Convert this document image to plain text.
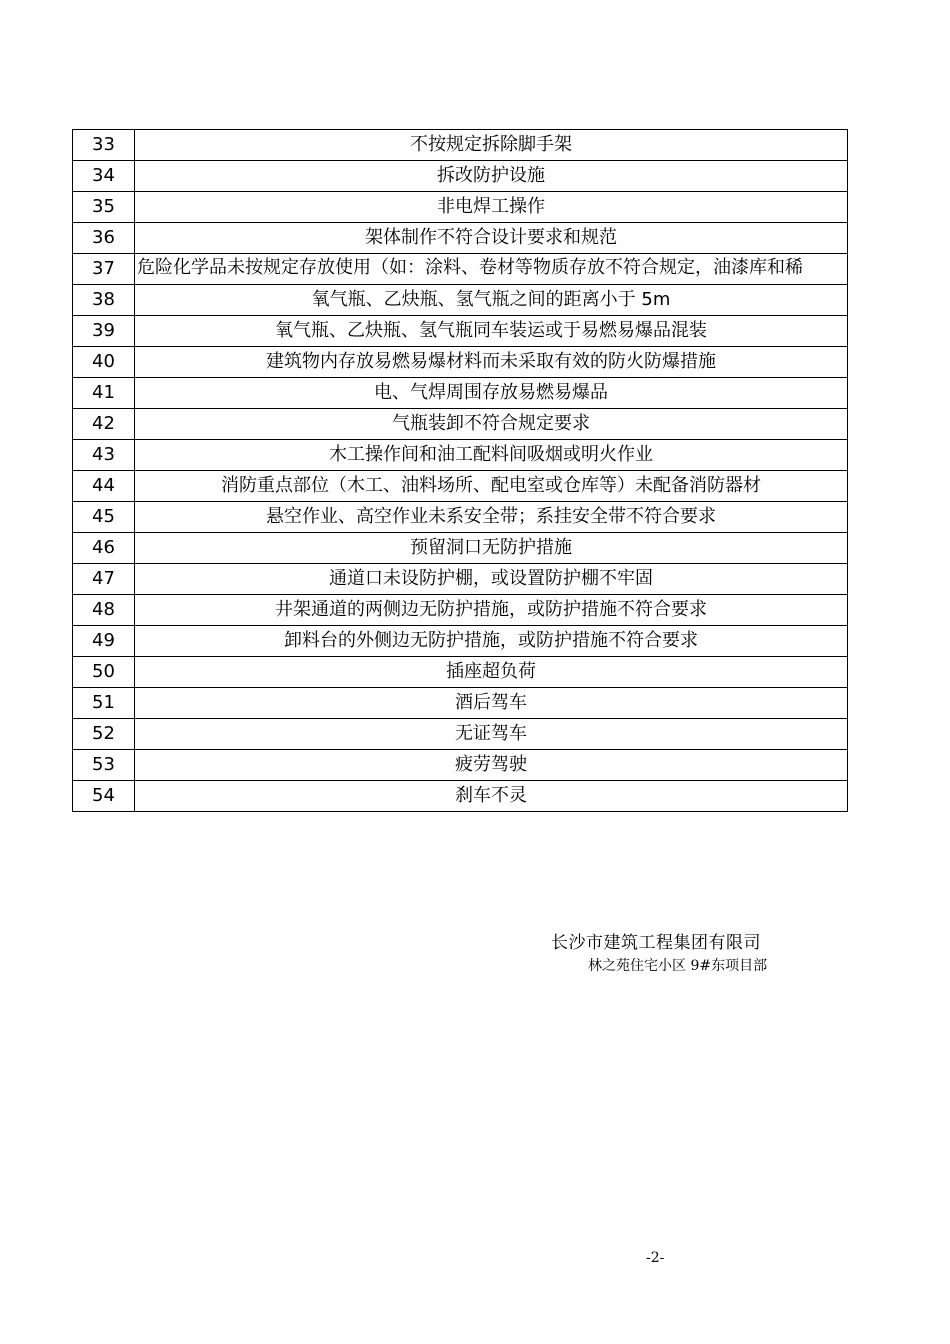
33	不按规定拆除脚手架
34	拆改防护设施
35	非电焊工操作
36	架体制作不符合设计要求和规范
37	危险化学品未按规定存放使用（如：涂料、卷材等物质存放不符合规定，油漆库和稀

38	氧气瓶、乙炔瓶、氢气瓶之间的距离小于 5m
39	氧气瓶、乙炔瓶、氢气瓶同车装运或于易燃易爆品混装
40	建筑物内存放易燃易爆材料而未采取有效的防火防爆措施
41	电、气焊周围存放易燃易爆品
42	气瓶装卸不符合规定要求
43	木工操作间和油工配料间吸烟或明火作业
44	消防重点部位（木工、油料场所、配电室或仓库等）未配备消防器材
45	悬空作业、高空作业未系安全带；系挂安全带不符合要求
46	预留洞口无防护措施
47	通道口未设防护棚，或设置防护棚不牢固
48	井架通道的两侧边无防护措施，或防护措施不符合要求
49	卸料台的外侧边无防护措施，或防护措施不符合要求
50	插座超负荷
51	酒后驾车
52	无证驾车
53	疲劳驾驶
54	刹车不灵
长沙市建筑工程集团有限司
林之苑住宅小区 9#东项目部
-2-
